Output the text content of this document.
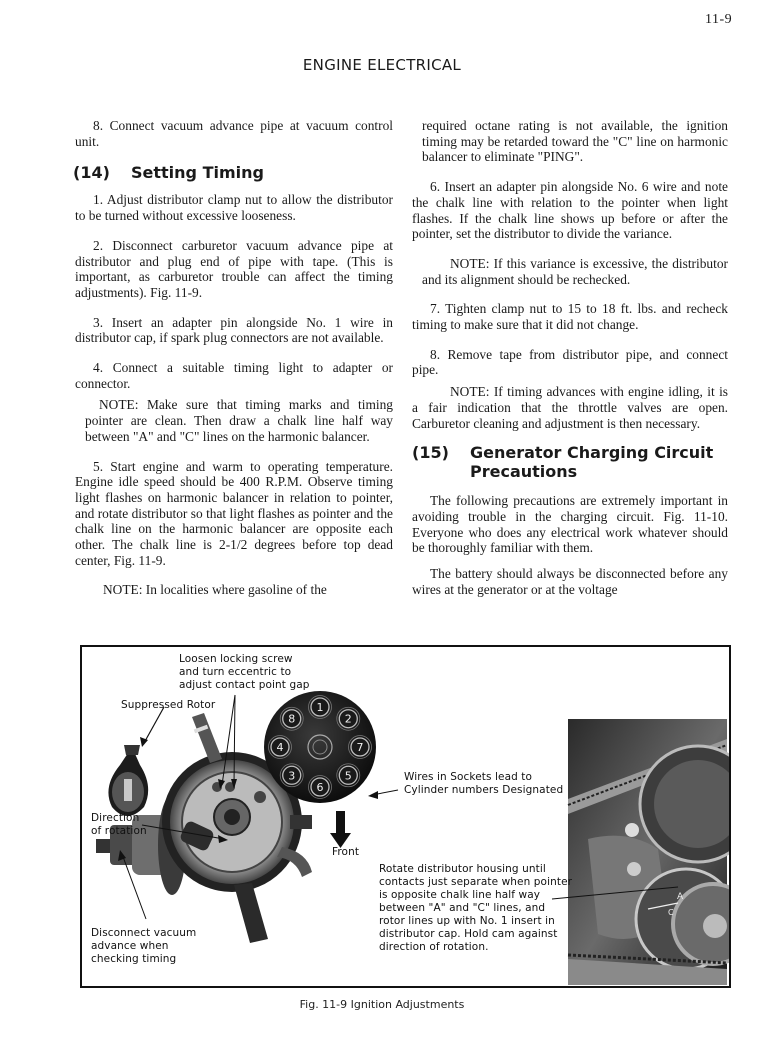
11-9
ENGINE ELECTRICAL

8. Connect vacuum advance pipe at vacuum control unit.

(14)	Setting Timing

1. Adjust distributor clamp nut to allow the distributor to be turned without excessive looseness.

2. Disconnect carburetor vacuum advance pipe at distributor and plug end of pipe with tape. (This is important, as carburetor trouble can affect the timing adjustments). Fig. 11-9.

3. Insert an adapter pin alongside No. 1 wire in distributor cap, if spark plug connectors are not available.

4. Connect a suitable timing light to adapter or connector.

NOTE: Make sure that timing marks and timing pointer are clean. Then draw a chalk line half way between "A" and "C" lines on the harmonic balancer.

5. Start engine and warm to operating temperature. Engine idle speed should be 400 R.P.M. Observe timing light flashes on harmonic balancer in relation to pointer, and rotate distributor so that light flashes as pointer and the chalk line on the harmonic balancer are opposite each other. The chalk line is 2-1/2 degrees before top dead center, Fig. 11-9.

NOTE: In localities where gasoline of the

required octane rating is not available, the ignition timing may be retarded toward the "C" line on harmonic balancer to eliminate "PING".

6. Insert an adapter pin alongside No. 6 wire and note the chalk line with relation to the pointer when light flashes. If the chalk line shows up before or after the pointer, set the distributor to divide the variance.

NOTE: If this variance is excessive, the distributor and its alignment should be rechecked.

7. Tighten clamp nut to 15 to 18 ft. lbs. and recheck timing to make sure that it did not change.

8. Remove tape from distributor pipe, and connect pipe.

NOTE: If timing advances with engine idling, it is a fair indication that the throttle valves are open. Carburetor cleaning and adjustment is then necessary.

(15)	Generator Charging Circuit Precautions

The following precautions are extremely important in avoiding trouble in the charging circuit. Fig. 11-10. Everyone who does any electrical work whatever should be thoroughly familiar with them.

The battery should always be disconnected before any wires at the generator or at the voltage

1
2
7
5
6
3
4
8
A
C
Loosen locking screw
and turn eccentric to
adjust contact point gap
Suppressed Rotor
Direction
of rotation
Disconnect vacuum
advance when
checking timing
Front
Wires in Sockets lead to
Cylinder numbers Designated
Rotate distributor housing until
contacts just separate when pointer
is opposite chalk line half way
between "A" and "C" lines, and
rotor lines up with No. 1 insert in
distributor cap. Hold cam against
direction of rotation.
Fig. 11-9 Ignition Adjustments
